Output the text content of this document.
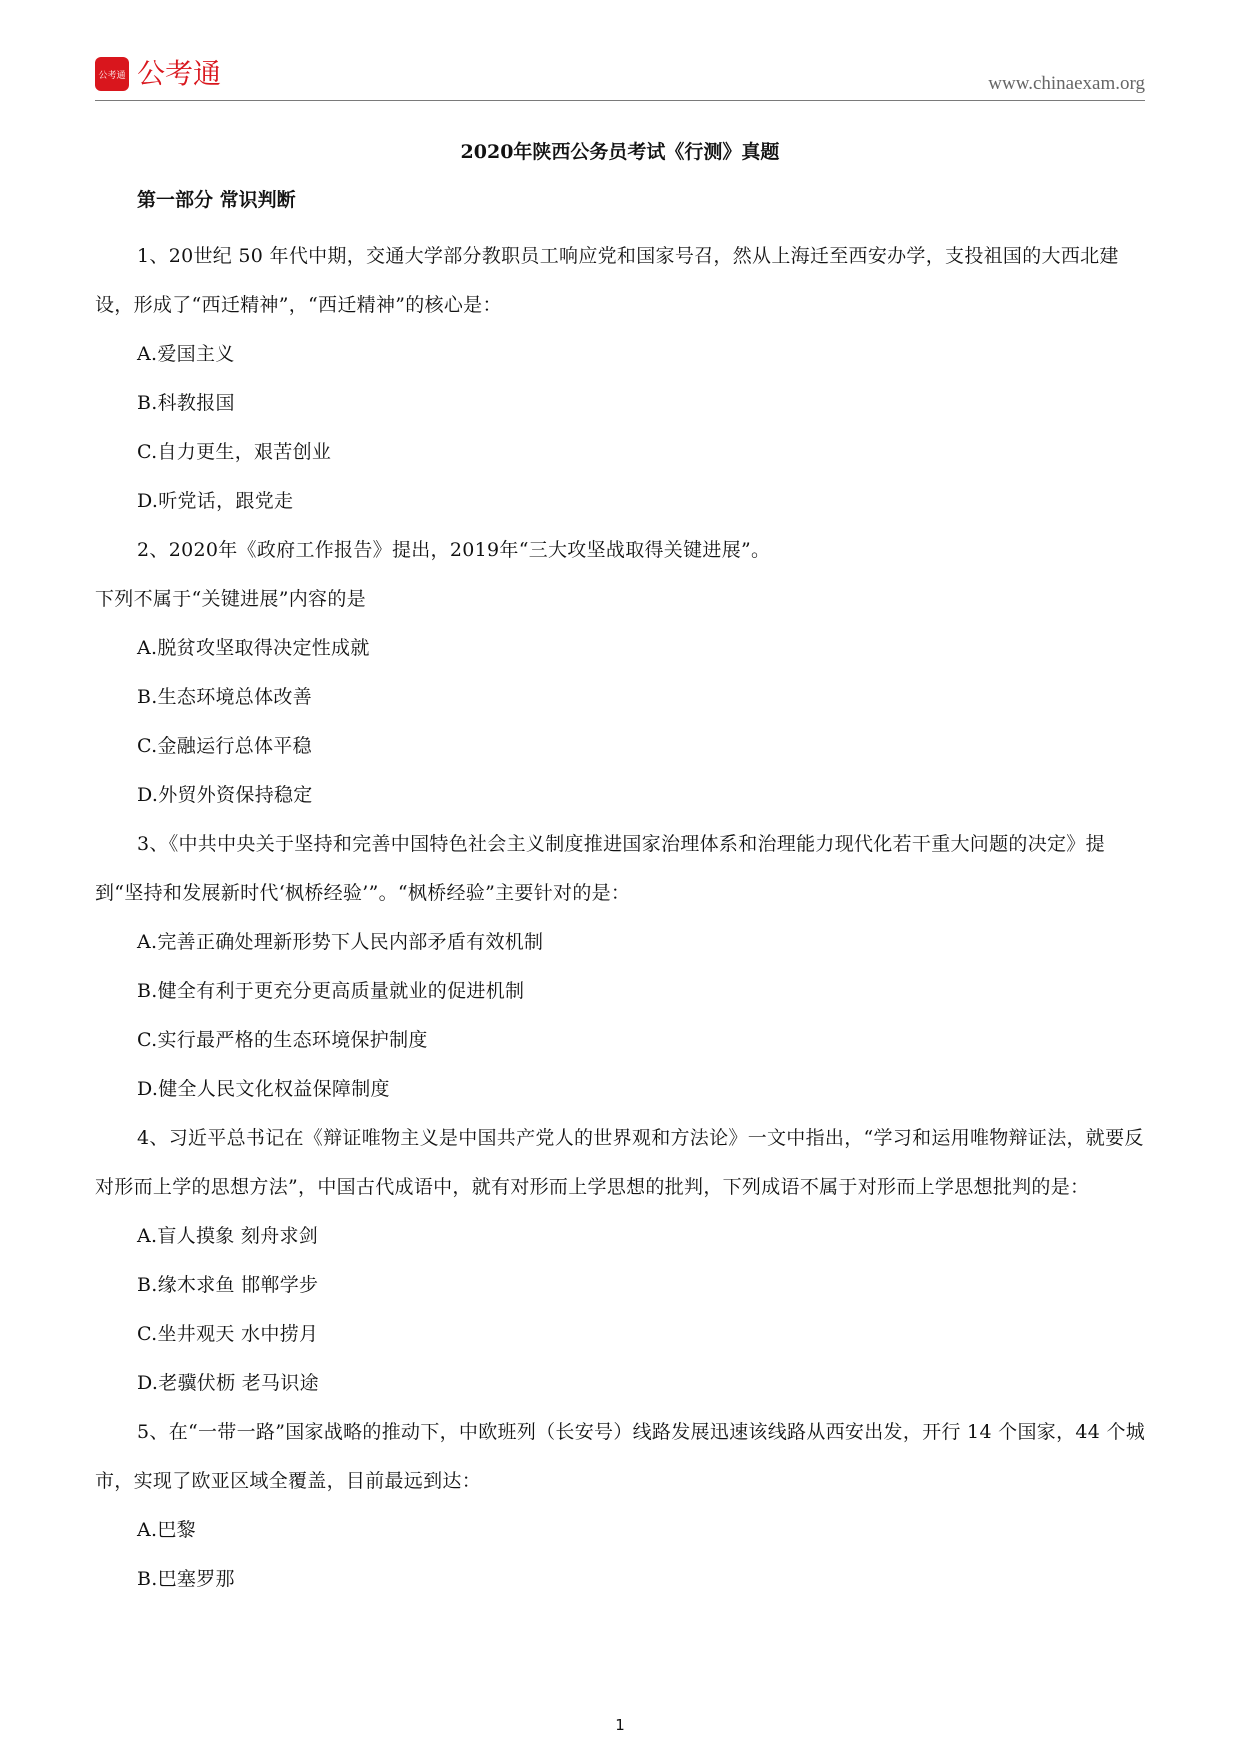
公考通 公考通	www.chinaexam.org
2020年陕西公务员考试《行测》真题
第一部分 常识判断

1、20世纪 50 年代中期，交通大学部分教职员工响应党和国家号召，然从上海迁至西安办学，支投祖国的大西北建设，形成了“西迁精神”，“西迁精神”的核心是：

A.爱国主义

B.科教报国

C.自力更生，艰苦创业

D.听党话，跟党走

2、2020年《政府工作报告》提出，2019年“三大攻坚战取得关键进展”。

下列不属于“关键进展”内容的是

A.脱贫攻坚取得决定性成就

B.生态环境总体改善

C.金融运行总体平稳

D.外贸外资保持稳定

3、《中共中央关于坚持和完善中国特色社会主义制度推进国家治理体系和治理能力现代化若干重大问题的决定》提到“坚持和发展新时代‘枫桥经验’”。“枫桥经验”主要针对的是：

A.完善正确处理新形势下人民内部矛盾有效机制

B.健全有利于更充分更高质量就业的促进机制

C.实行最严格的生态环境保护制度

D.健全人民文化权益保障制度

4、习近平总书记在《辩证唯物主义是中国共产党人的世界观和方法论》一文中指出，“学习和运用唯物辩证法，就要反对形而上学的思想方法”，中国古代成语中，就有对形而上学思想的批判，下列成语不属于对形而上学思想批判的是：

A.盲人摸象 刻舟求剑

B.缘木求鱼 邯郸学步

C.坐井观天 水中捞月

D.老骥伏枥 老马识途

5、在“一带一路”国家战略的推动下，中欧班列（长安号）线路发展迅速该线路从西安出发，开行 14 个国家，44 个城市，实现了欧亚区域全覆盖，目前最远到达：

A.巴黎

B.巴塞罗那

1
